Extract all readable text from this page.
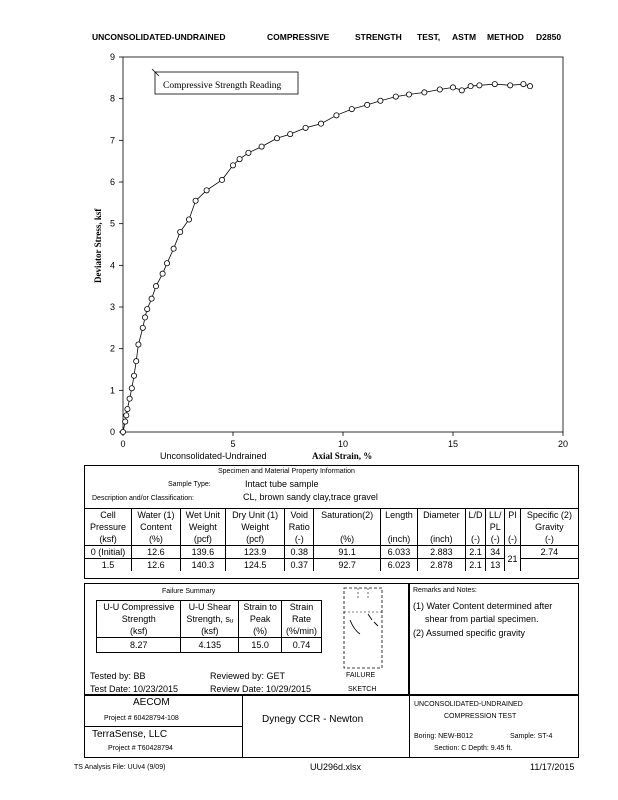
UNCONSOLIDATED-UNDRAINED	COMPRESSIVE	STRENGTH TEST, ASTM METHOD D2850
0	5	10	15	20
0
1
2
3
4
5
6
7
8
9
Compressive Strength Reading
Unconsolidated-Undrained	Axial Strain, %
Deviator Stress, ksf
Specimen and Material Property Information
Sample Type:	Intact tube sample
Description and/or Classification:	CL, brown sandy clay,trace gravel
Cell	Water (1)	Wet Unit	Dry Unit (1)	Void	Saturation(2)	Length	Diameter	L/D	LL/	PI	Specific (2)
Pressure	Content	Weight	Weight	Ratio					PL		Gravity
(ksf)	(%)	(pcf)	(pcf)	(-)	(%)	(inch)	(inch)	(-)	(-)	(-)	(-)
0 (Initial)	12.6	139.6	123.9	0.38	91.1	6.033	2.883	2.1	34	21	2.74
1.5	12.6	140.3	124.5	0.37	92.7	6.023	2.878	2.1	13		
Failure Summary
U-U Compressive
Strength
(ksf)	U-U Shear
Strength, sᵤ
(ksf)	Strain to
Peak
(%)	Strain
Rate
(%/min)
8.27	4.135	15.0	0.74
FAILURE
SKETCH
Remarks and Notes:
(1) Water Content determined after
shear from partial specimen.
(2) Assumed specific gravity
Tested by: BB
Test Date: 10/23/2015
Reviewed by: GET
Review Date: 10/29/2015
AECOM
Project # 60428794-108
TerraSense, LLC
Project # T60428794
Dynegy CCR - Newton
UNCONSOLIDATED-UNDRAINED
COMPRESSION TEST
Boring: NEW-B012	Sample: ST-4
Section: C Depth: 9.45 ft.
TS Analysis File: UUv4 (9/09)	UU296d.xlsx	11/17/2015
